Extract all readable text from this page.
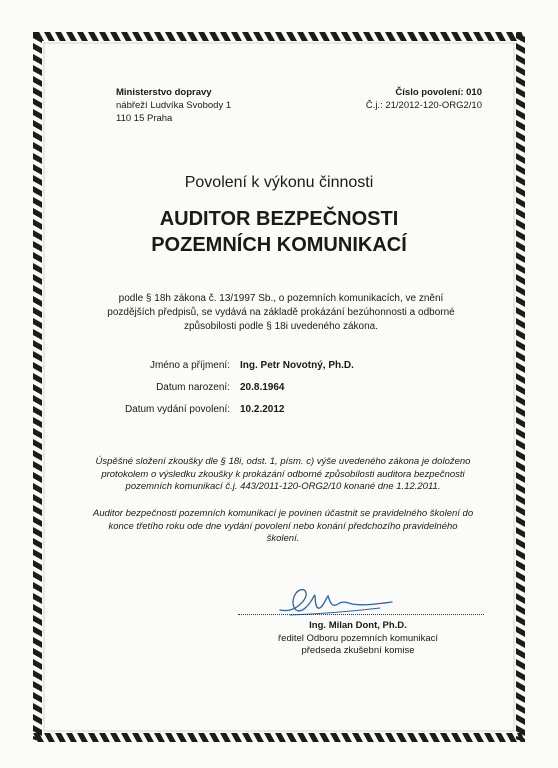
Ministerstvo dopravy
nábřeží Ludvíka Svobody 1
110 15 Praha
Číslo povolení: 010
Č.j.: 21/2012-120-ORG2/10
Povolení k výkonu činnosti
AUDITOR BEZPEČNOSTI
POZEMNÍCH KOMUNIKACÍ
podle § 18h zákona č. 13/1997 Sb., o pozemních komunikacích, ve znění
pozdějších předpisů, se vydává na základě prokázání bezúhonnosti a odborné
způsobilosti podle § 18i uvedeného zákona.
Jméno a příjmení: Ing. Petr Novotný, Ph.D.
Datum narození: 20.8.1964
Datum vydání povolení: 10.2.2012
Úspěšné složení zkoušky dle § 18i, odst. 1, písm. c) výše uvedeného zákona je doloženo
protokolem o výsledku zkoušky k prokázání odborné způsobilosti auditora bezpečnosti
pozemních komunikací č.j. 443/2011-120-ORG2/10 konané dne 1.12.2011.
Auditor bezpečnosti pozemních komunikací je povinen účastnit se pravidelného školení do
konce třetího roku ode dne vydání povolení nebo konání předchozího pravidelného
školení.
Ing. Milan Dont, Ph.D.
ředitel Odboru pozemních komunikací
předseda zkušební komise
